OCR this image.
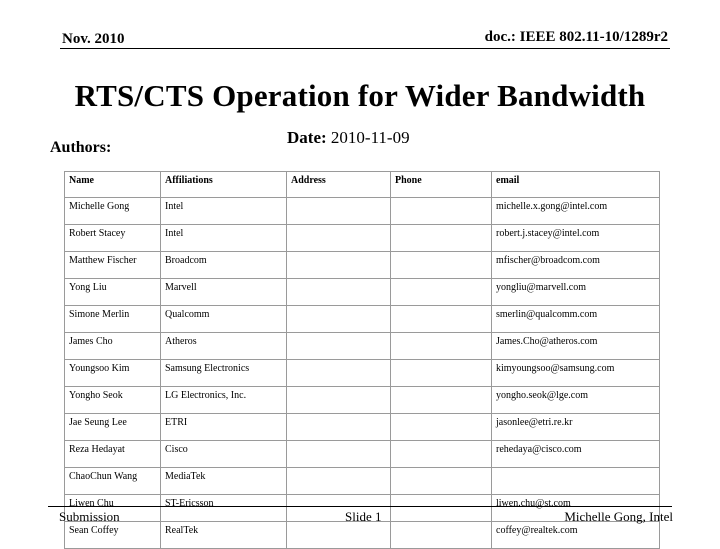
Nov. 2010	doc.: IEEE 802.11-10/1289r2
RTS/CTS Operation for Wider Bandwidth
Authors:
Date: 2010-11-09
Name	Affiliations	Address	Phone	email
Michelle Gong	Intel			michelle.x.gong@intel.com
Robert Stacey	Intel			robert.j.stacey@intel.com
Matthew Fischer	Broadcom			mfischer@broadcom.com
Yong Liu	Marvell			yongliu@marvell.com
Simone Merlin	Qualcomm			smerlin@qualcomm.com
James Cho	Atheros			James.Cho@atheros.com
Youngsoo Kim	Samsung Electronics			kimyoungsoo@samsung.com
Yongho Seok	LG Electronics, Inc.			yongho.seok@lge.com
Jae Seung Lee	ETRI			jasonlee@etri.re.kr
Reza Hedayat	Cisco			rehedaya@cisco.com
ChaoChun Wang	MediaTek			
Liwen Chu	ST-Ericsson			liwen.chu@st.com
Sean Coffey	RealTek			coffey@realtek.com
Submission	Slide 1	Michelle Gong, Intel
